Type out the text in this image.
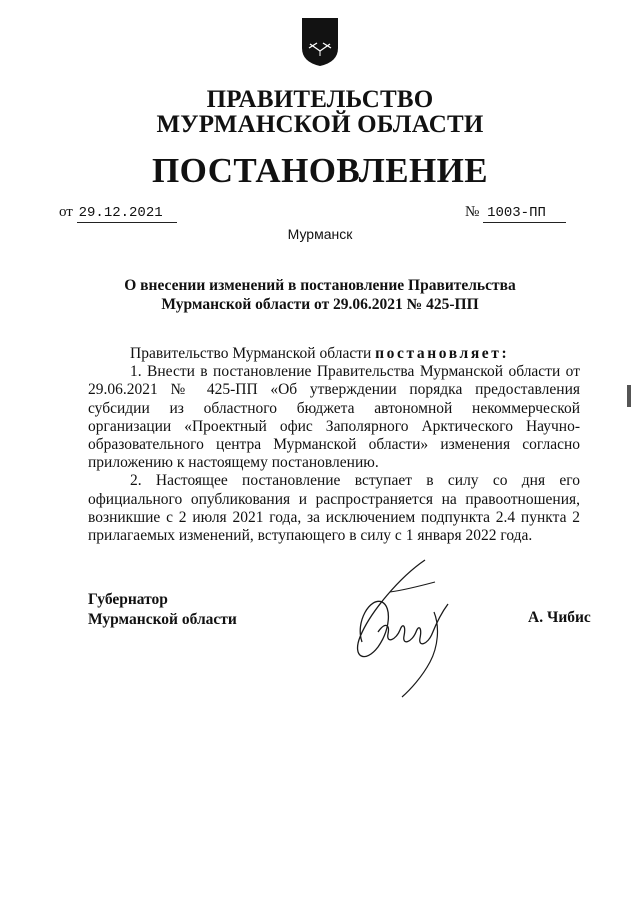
ПРАВИТЕЛЬСТВО
МУРМАНСКОЙ ОБЛАСТИ
ПОСТАНОВЛЕНИЕ
от 29.12.2021	№ 1003-ПП
Мурманск
О внесении изменений в постановление Правительства
Мурманской области от 29.06.2021 № 425-ПП

Правительство Мурманской области постановляет:

1. Внести в постановление Правительства Мурманской области от 29.06.2021 № 425-ПП «Об утверждении порядка предоставления субсидии из областного бюджета автономной некоммерческой организации «Проектный офис Заполярного Арктического Научно-образовательного центра Мурманской области» изменения согласно приложению к настоящему постановлению.

2. Настоящее постановление вступает в силу со дня его официального опубликования и распространяется на правоотношения, возникшие с 2 июля 2021 года, за исключением подпункта 2.4 пункта 2 прилагаемых изменений, вступающего в силу с 1 января 2022 года.

Губернатор
Мурманской области	А. Чибис
